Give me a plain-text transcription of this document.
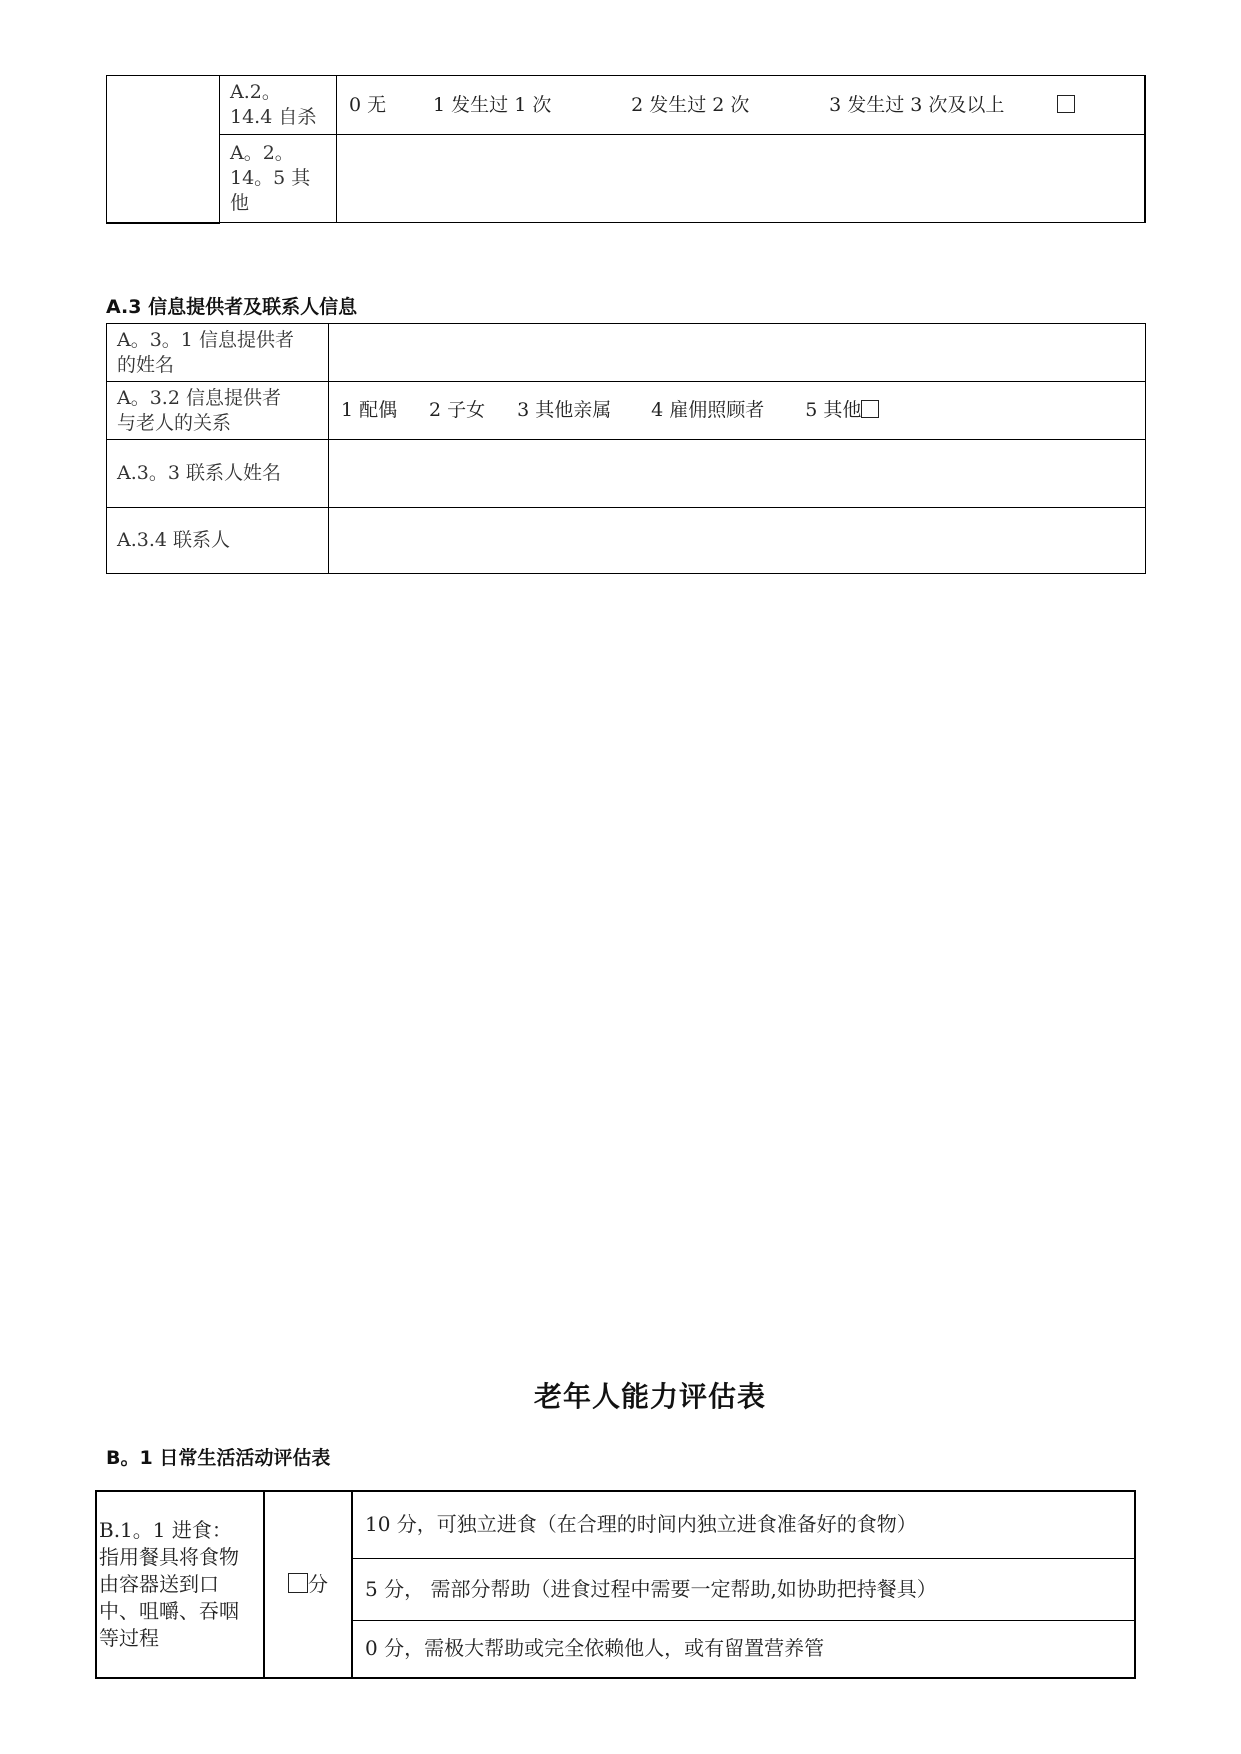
	A.2。
14.4 自杀	0 无 1 发生过 1 次 2 发生过 2 次 3 发生过 3 次及以上

	A。2。
14。5 其
他	

A.3 信息提供者及联系人信息
A。3。1 信息提供者
的姓名	

A。3.2 信息提供者
与老人的关系	1 配偶 2 子女 3 其他亲属 4 雇佣照顾者 5 其他

A.3。3 联系人姓名	

A.3.4 联系人	

老年人能力评估表
B。1 日常生活活动评估表
B.1。1 进食：
指用餐具将食物
由容器送到口
中、咀嚼、吞咽
等过程
	分	10 分，可独立进食（在合理的时间内独立进食准备好的食物）
5 分， 需部分帮助（进食过程中需要一定帮助,如协助把持餐具）
0 分，需极大帮助或完全依赖他人，或有留置营养管
